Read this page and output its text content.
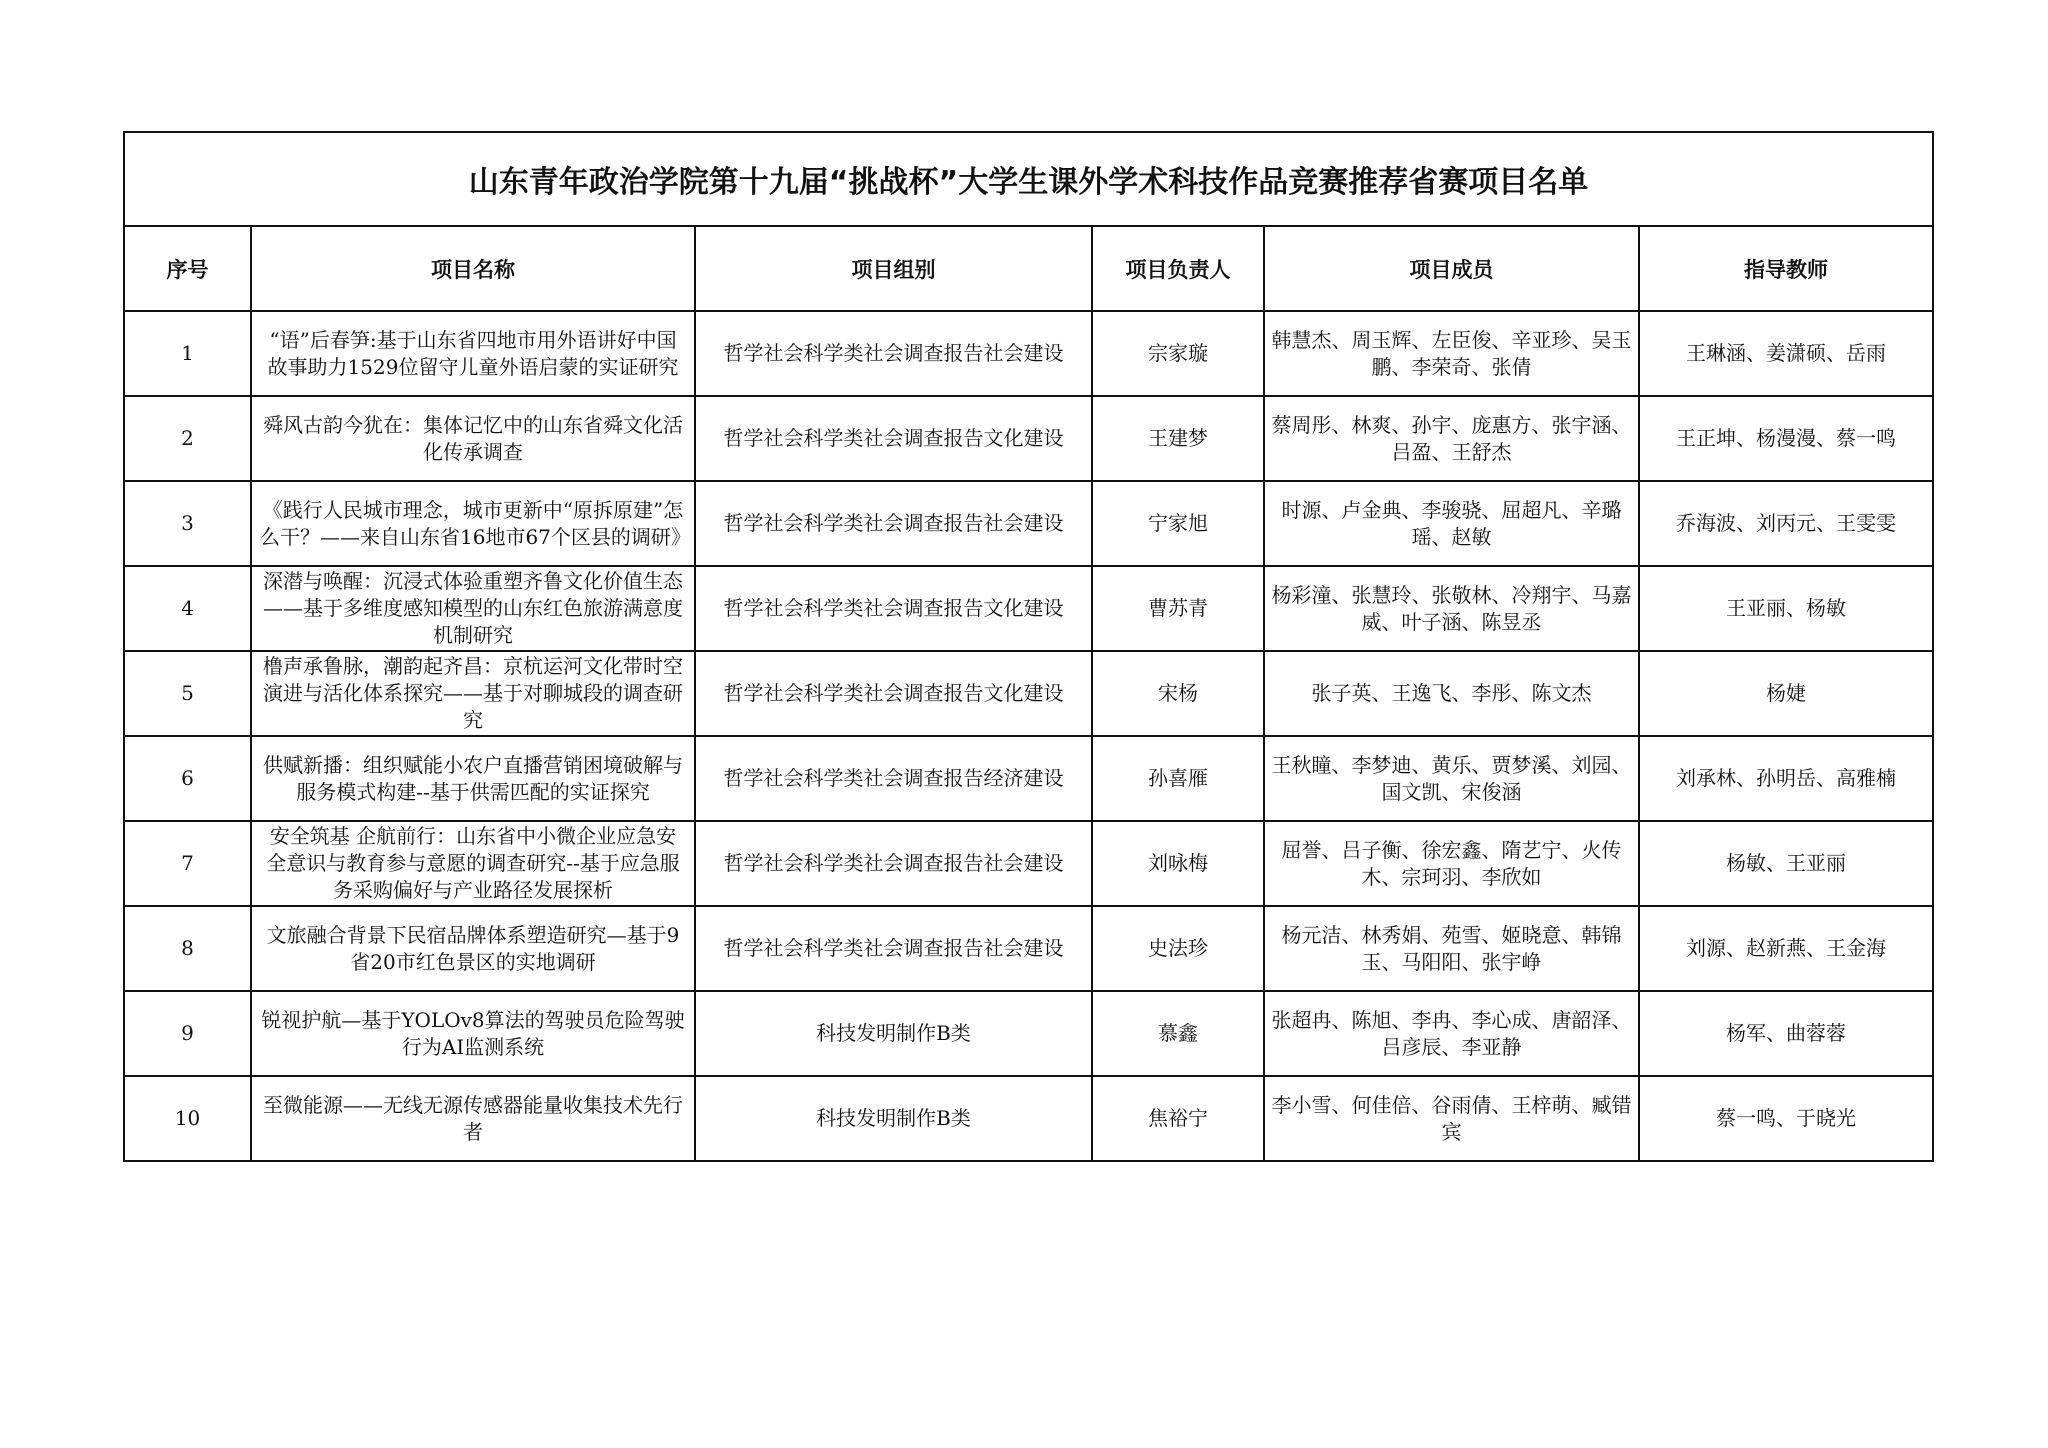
山东青年政治学院第十九届“挑战杯”大学生课外学术科技作品竞赛推荐省赛项目名单					
序号	项目名称	项目组别	项目负责人	项目成员	指导教师
1	“语”后春笋:基于山东省四地市用外语讲好中国故事助力1529位留守儿童外语启蒙的实证研究	哲学社会科学类社会调查报告社会建设	宗家璇	韩慧杰、周玉辉、左臣俊、辛亚珍、吴玉鹏、李荣奇、张倩	王琳涵、姜潇硕、岳雨
2	舜风古韵今犹在：集体记忆中的山东省舜文化活化传承调查	哲学社会科学类社会调查报告文化建设	王建梦	蔡周彤、林爽、孙宇、庞惠方、张宇涵、吕盈、王舒杰	王正坤、杨漫漫、蔡一鸣
3	《践行人民城市理念，城市更新中“原拆原建”怎么干？——来自山东省16地市67个区县的调研》	哲学社会科学类社会调查报告社会建设	宁家旭	时源、卢金典、李骏骁、屈超凡、辛璐瑶、赵敏	乔海波、刘丙元、王雯雯
4	深潜与唤醒：沉浸式体验重塑齐鲁文化价值生态——基于多维度感知模型的山东红色旅游满意度机制研究	哲学社会科学类社会调查报告文化建设	曹苏青	杨彩潼、张慧玲、张敬林、冷翔宇、马嘉威、叶子涵、陈昱丞	王亚丽、杨敏
5	橹声承鲁脉，潮韵起齐昌：京杭运河文化带时空演进与活化体系探究——基于对聊城段的调查研究	哲学社会科学类社会调查报告文化建设	宋杨	张子英、王逸飞、李彤、陈文杰	杨婕
6	供赋新播：组织赋能小农户直播营销困境破解与服务模式构建--基于供需匹配的实证探究	哲学社会科学类社会调查报告经济建设	孙喜雁	王秋瞳、李梦迪、黄乐、贾梦溪、刘园、国文凯、宋俊涵	刘承林、孙明岳、高雅楠
7	安全筑基 企航前行：山东省中小微企业应急安全意识与教育参与意愿的调查研究--基于应急服务采购偏好与产业路径发展探析	哲学社会科学类社会调查报告社会建设	刘咏梅	屈誉、吕子衡、徐宏鑫、隋艺宁、火传木、宗珂羽、李欣如	杨敏、王亚丽
8	文旅融合背景下民宿品牌体系塑造研究—基于9省20市红色景区的实地调研	哲学社会科学类社会调查报告社会建设	史法珍	杨元洁、林秀娟、苑雪、姬晓意、韩锦玉、马阳阳、张宇峥	刘源、赵新燕、王金海
9	锐视护航—基于YOLOv8算法的驾驶员危险驾驶行为AI监测系统	科技发明制作B类	慕鑫	张超冉、陈旭、李冉、李心成、唐韶泽、吕彦辰、李亚静	杨军、曲蓉蓉
10	至微能源——无线无源传感器能量收集技术先行者	科技发明制作B类	焦裕宁	李小雪、何佳倍、谷雨倩、王梓萌、臧错宾	蔡一鸣、于晓光
